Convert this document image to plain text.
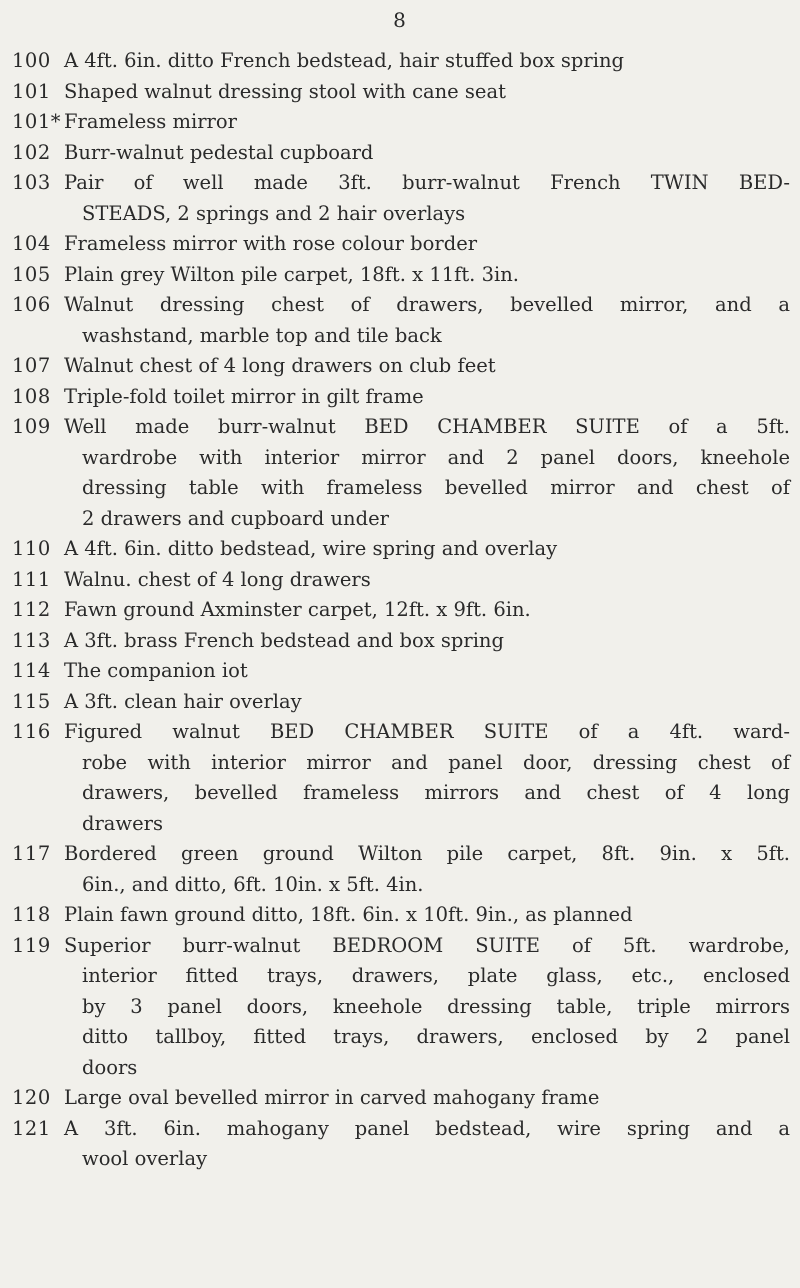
8
100 A 4ft. 6in. ditto French bedstead, hair stuffed box spring
101 Shaped walnut dressing stool with cane seat
101* Frameless mirror
102 Burr-walnut pedestal cupboard
103 Pair of well made 3ft. burr-walnut French TWIN BED-
STEADS, 2 springs and 2 hair overlays
104 Frameless mirror with rose colour border
105 Plain grey Wilton pile carpet, 18ft. x 11ft. 3in.
106 Walnut dressing chest of drawers, bevelled mirror, and a
washstand, marble top and tile back
107 Walnut chest of 4 long drawers on club feet
108 Triple-fold toilet mirror in gilt frame
109 Well made burr-walnut BED CHAMBER SUITE of a 5ft.
wardrobe with interior mirror and 2 panel doors, kneehole
dressing table with frameless bevelled mirror and chest of
2 drawers and cupboard under
110 A 4ft. 6in. ditto bedstead, wire spring and overlay
111 Walnu. chest of 4 long drawers
112 Fawn ground Axminster carpet, 12ft. x 9ft. 6in.
113 A 3ft. brass French bedstead and box spring
114 The companion iot
115 A 3ft. clean hair overlay
116 Figured walnut BED CHAMBER SUITE of a 4ft. ward-
robe with interior mirror and panel door, dressing chest of
drawers, bevelled frameless mirrors and chest of 4 long
drawers
117 Bordered green ground Wilton pile carpet, 8ft. 9in. x 5ft.
6in., and ditto, 6ft. 10in. x 5ft. 4in.
118 Plain fawn ground ditto, 18ft. 6in. x 10ft. 9in., as planned
119 Superior burr-walnut BEDROOM SUITE of 5ft. wardrobe,
interior fitted trays, drawers, plate glass, etc., enclosed
by 3 panel doors, kneehole dressing table, triple mirrors
ditto tallboy, fitted trays, drawers, enclosed by 2 panel
doors
120 Large oval bevelled mirror in carved mahogany frame
121 A 3ft. 6in. mahogany panel bedstead, wire spring and a
wool overlay
